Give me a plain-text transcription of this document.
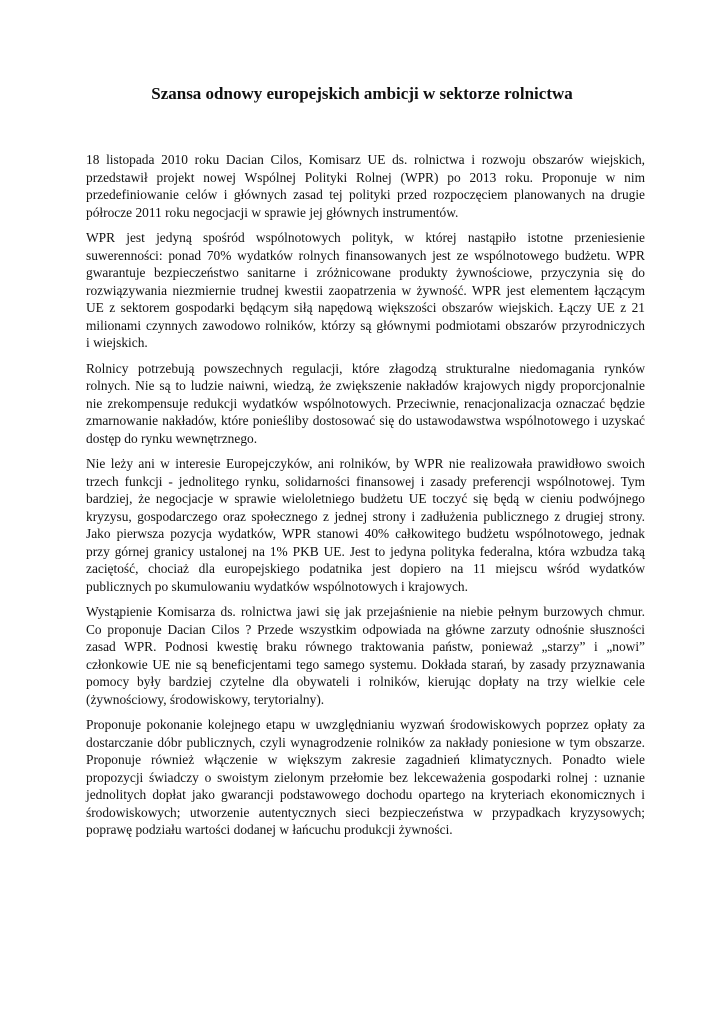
Szansa odnowy europejskich ambicji w sektorze rolnictwa
18 listopada 2010 roku Dacian Cilos, Komisarz UE ds. rolnictwa i rozwoju obszarów wiejskich,
przedstawił projekt nowej Wspólnej Polityki Rolnej (WPR) po 2013 roku. Proponuje w nim
przedefiniowanie celów i głównych zasad tej polityki przed rozpoczęciem planowanych na drugie
półrocze 2011 roku negocjacji w sprawie jej głównych instrumentów.
WPR jest jedyną spośród wspólnotowych polityk, w której nastąpiło istotne przeniesienie
suwerenności: ponad 70% wydatków rolnych finansowanych jest ze wspólnotowego budżetu. WPR
gwarantuje bezpieczeństwo sanitarne i zróżnicowane produkty żywnościowe, przyczynia się do
rozwiązywania niezmiernie trudnej kwestii zaopatrzenia w żywność. WPR jest elementem łączącym
UE z sektorem gospodarki będącym siłą napędową większości obszarów wiejskich. Łączy UE z 21
milionami czynnych zawodowo rolników, którzy są głównymi podmiotami obszarów przyrodniczych
i wiejskich.
Rolnicy potrzebują powszechnych regulacji, które złagodzą strukturalne niedomagania rynków
rolnych. Nie są to ludzie naiwni, wiedzą, że zwiększenie nakładów krajowych nigdy proporcjonalnie
nie zrekompensuje redukcji wydatków wspólnotowych. Przeciwnie, renacjonalizacja oznaczać będzie
zmarnowanie nakładów, które ponieśliby dostosować się do ustawodawstwa wspólnotowego i uzyskać
dostęp do rynku wewnętrznego.
Nie leży ani w interesie Europejczyków, ani rolników, by WPR nie realizowała prawidłowo swoich
trzech funkcji - jednolitego rynku, solidarności finansowej i zasady preferencji wspólnotowej. Tym
bardziej, że negocjacje w sprawie wieloletniego budżetu UE toczyć się będą w cieniu podwójnego
kryzysu, gospodarczego oraz społecznego z jednej strony i zadłużenia publicznego z drugiej strony.
Jako pierwsza pozycja wydatków, WPR stanowi 40% całkowitego budżetu wspólnotowego, jednak
przy górnej granicy ustalonej na 1% PKB UE. Jest to jedyna polityka federalna, która wzbudza taką
zaciętość, chociaż dla europejskiego podatnika jest dopiero na 11 miejscu wśród wydatków
publicznych po skumulowaniu wydatków wspólnotowych i krajowych.
Wystąpienie Komisarza ds. rolnictwa jawi się jak przejaśnienie na niebie pełnym burzowych chmur.
Co proponuje Dacian Cilos ? Przede wszystkim odpowiada na główne zarzuty odnośnie słuszności
zasad WPR. Podnosi kwestię braku równego traktowania państw, ponieważ „starzy” i „nowi”
członkowie UE nie są beneficjentami tego samego systemu. Dokłada starań, by zasady przyznawania
pomocy były bardziej czytelne dla obywateli i rolników, kierując dopłaty na trzy wielkie cele
(żywnościowy, środowiskowy, terytorialny).
Proponuje pokonanie kolejnego etapu w uwzględnianiu wyzwań środowiskowych poprzez opłaty za
dostarczanie dóbr publicznych, czyli wynagrodzenie rolników za nakłady poniesione w tym obszarze.
Proponuje również włączenie w większym zakresie zagadnień klimatycznych. Ponadto wiele
propozycji świadczy o swoistym zielonym przełomie bez lekceważenia gospodarki rolnej : uznanie
jednolitych dopłat jako gwarancji podstawowego dochodu opartego na kryteriach ekonomicznych i
środowiskowych; utworzenie autentycznych sieci bezpieczeństwa w przypadkach kryzysowych;
poprawę podziału wartości dodanej w łańcuchu produkcji żywności.
